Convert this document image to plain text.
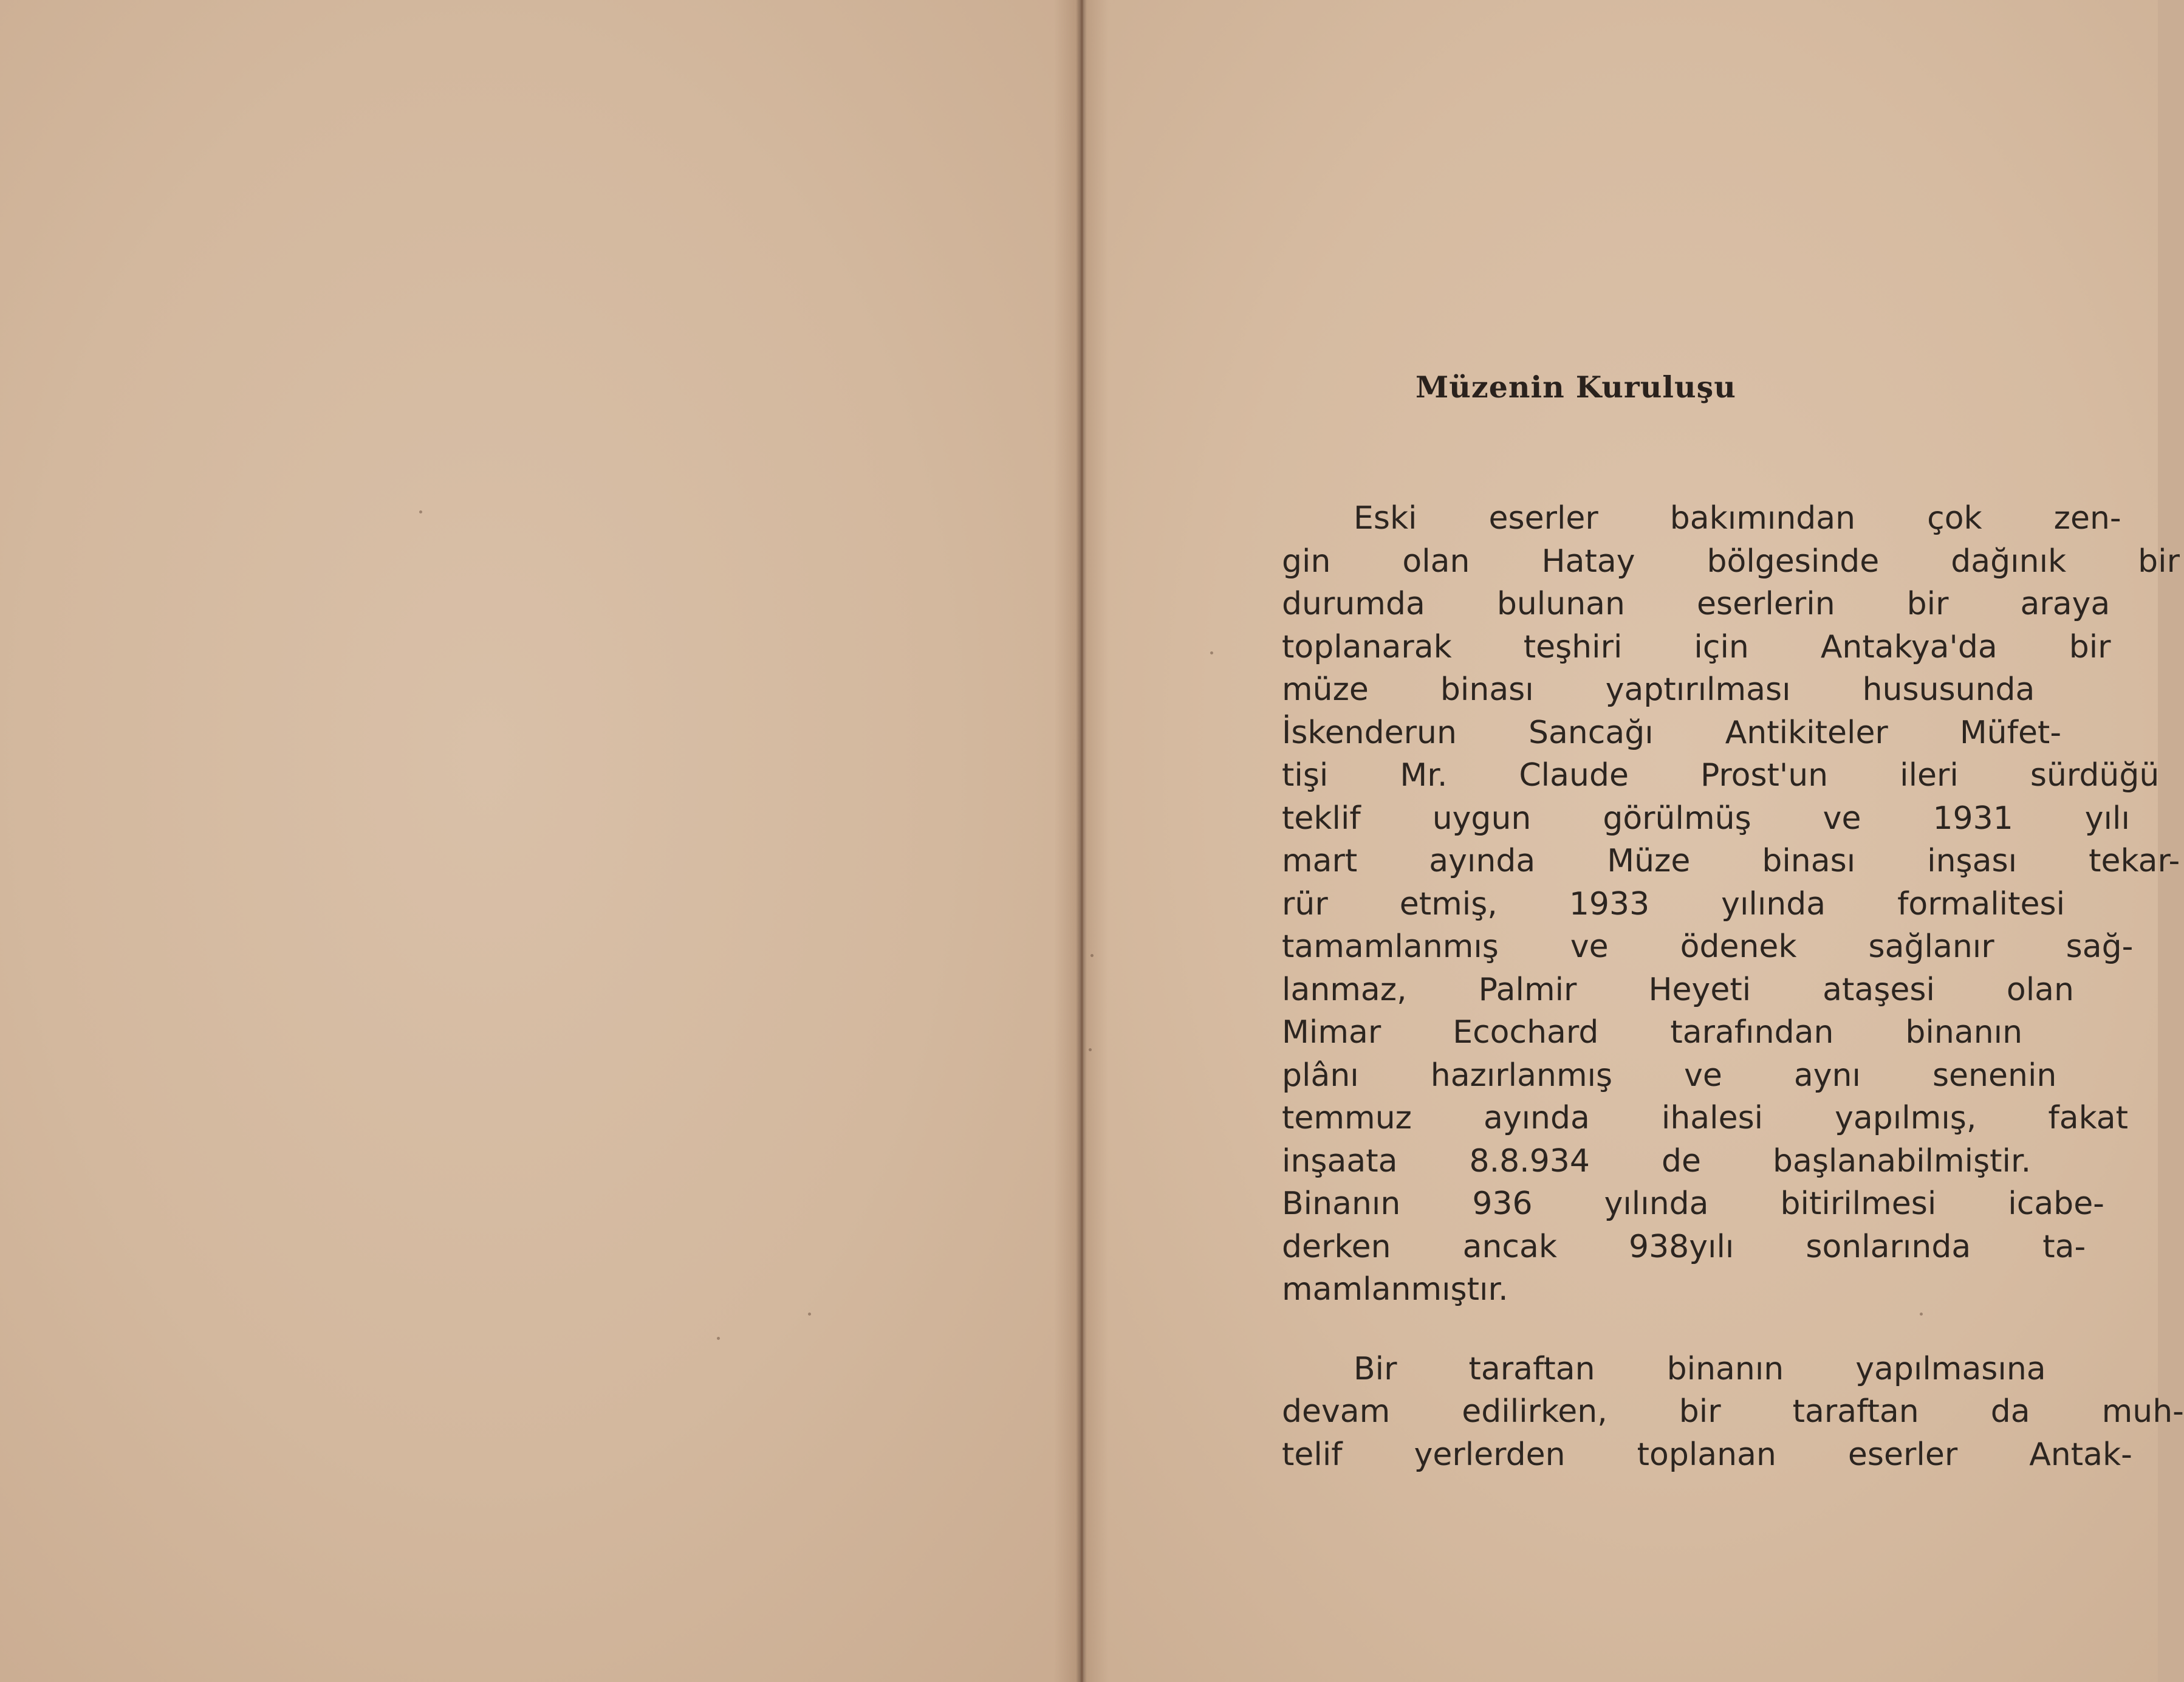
Müzenin Kuruluşu
Eski	eserler	bakımından	çok	zen-
gin	olan	Hatay	bölgesinde	dağınık	bir
durumda	bulunan	eserlerin	bir	araya
toplanarak	teşhiri	için	Antakya'da	bir
müze	binası	yaptırılması	hususunda
İskenderun	Sancağı	Antikiteler	Müfet-
tişi	Mr.	Claude	Prost'un	ileri	sürdüğü
teklif	uygun	görülmüş	ve	1931	yılı
mart	ayında	Müze	binası	inşası	tekar-
rür	etmiş,	1933	yılında	formalitesi
tamamlanmış	ve	ödenek	sağlanır	sağ-
lanmaz,	Palmir	Heyeti	ataşesi	olan
Mimar	Ecochard	tarafından	binanın
plânı	hazırlanmış	ve	aynı	senenin
temmuz	ayında	ihalesi	yapılmış,	fakat
inşaata	8.8.934	de	başlanabilmiştir.
Binanın	936	yılında	bitirilmesi	icabe-
derken	ancak	938yılı	sonlarında	ta-
mamlanmıştır.
Bir	taraftan	binanın	yapılmasına
devam	edilirken,	bir	taraftan	da	muh-
telif	yerlerden	toplanan	eserler	Antak-
